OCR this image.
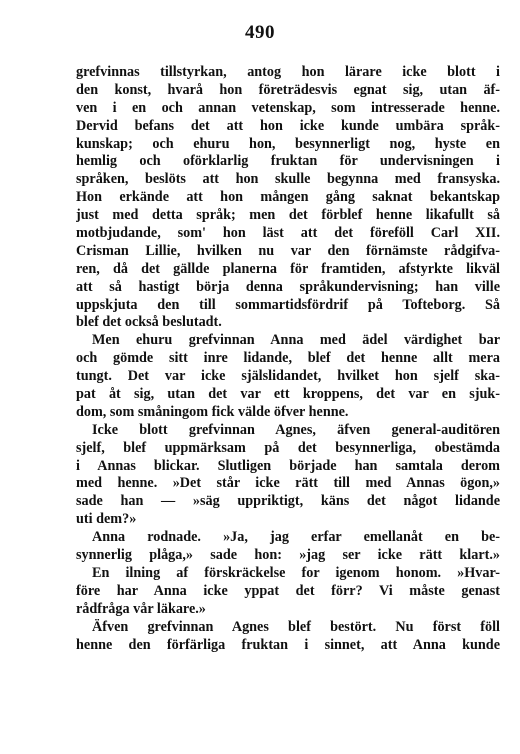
490
grefvinnas tillstyrkan, antog hon lärare icke blott i
den konst, hvarå hon företrädesvis egnat sig, utan äf-
ven i en och annan vetenskap, som intresserade henne.
Dervid befans det att hon icke kunde umbära språk-
kunskap; och ehuru hon, besynnerligt nog, hyste en
hemlig och oförklarlig fruktan för undervisningen i
språken, beslöts att hon skulle begynna med fransyska.
Hon erkände att hon mången gång saknat bekantskap
just med detta språk; men det förblef henne likafullt så
motbjudande, som' hon läst att det föreföll Carl XII.
Crisman Lillie, hvilken nu var den förnämste rådgifva-
ren, då det gällde planerna för framtiden, afstyrkte likväl
att så hastigt börja denna språkundervisning; han ville
uppskjuta den till sommartidsfördrif på Tofteborg. Så
blef det också beslutadt.
Men ehuru grefvinnan Anna med ädel värdighet bar
och gömde sitt inre lidande, blef det henne allt mera
tungt. Det var icke själslidandet, hvilket hon sjelf ska-
pat åt sig, utan det var ett kroppens, det var en sjuk-
dom, som småningom fick välde öfver henne.
Icke blott grefvinnan Agnes, äfven general-auditören
sjelf, blef uppmärksam på det besynnerliga, obestämda
i Annas blickar. Slutligen började han samtala derom
med henne. »Det står icke rätt till med Annas ögon,»
sade han — »säg uppriktigt, käns det något lidande
uti dem?»
Anna rodnade. »Ja, jag erfar emellanåt en be-
synnerlig plåga,» sade hon: »jag ser icke rätt klart.»
En ilning af förskräckelse for igenom honom. »Hvar-
före har Anna icke yppat det förr? Vi måste genast
rådfråga vår läkare.»
Äfven grefvinnan Agnes blef bestört. Nu först föll
henne den förfärliga fruktan i sinnet, att Anna kunde
